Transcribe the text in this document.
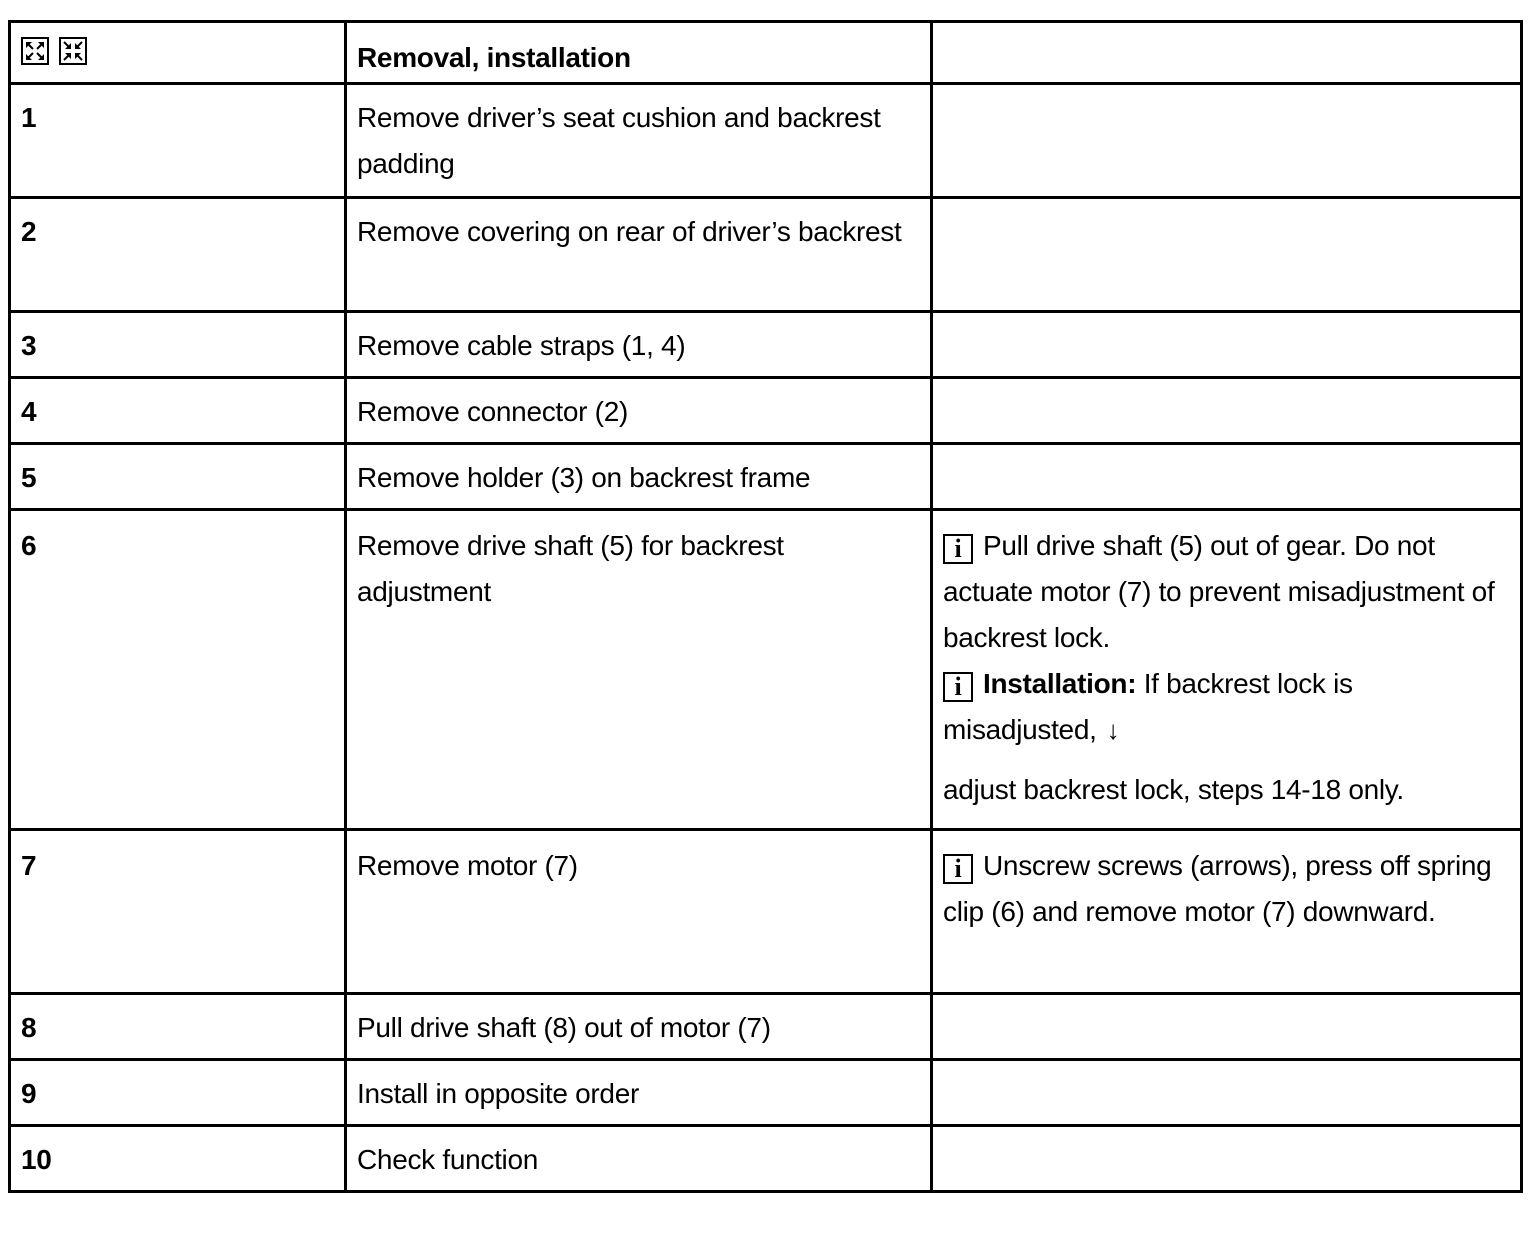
	Removal, installation	
1	Remove driver’s seat cushion and backrest padding	
2	Remove covering on rear of driver’s backrest	
3	Remove cable straps (1, 4)	
4	Remove connector (2)	
5	Remove holder (3) on backrest frame	
6	Remove drive shaft (5) for backrest adjustment	i Pull drive shaft (5) out of gear. Do not actuate motor (7) to prevent misadjustment of backrest lock.
i Installation: If backrest lock is misadjusted, ↓
adjust backrest lock, steps 14-18 only.

7	Remove motor (7)	i Unscrew screws (arrows), press off spring clip (6) and remove motor (7) downward.

8	Pull drive shaft (8) out of motor (7)	
9	Install in opposite order	
10	Check function	
